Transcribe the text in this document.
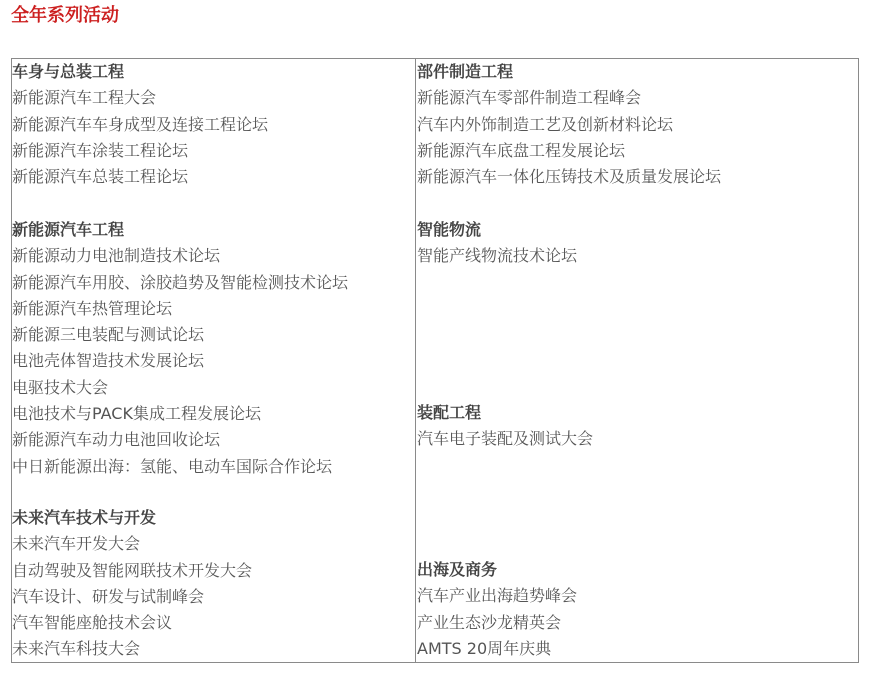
全年系列活动
车身与总装工程
新能源汽车工程大会
新能源汽车车身成型及连接工程论坛
新能源汽车涂装工程论坛
新能源汽车总装工程论坛
新能源汽车工程
新能源动力电池制造技术论坛
新能源汽车用胶、涂胶趋势及智能检测技术论坛
新能源汽车热管理论坛
新能源三电装配与测试论坛
电池壳体智造技术发展论坛
电驱技术大会
电池技术与PACK集成工程发展论坛
新能源汽车动力电池回收论坛
中日新能源出海：氢能、电动车国际合作论坛
未来汽车技术与开发
未来汽车开发大会
自动驾驶及智能网联技术开发大会
汽车设计、研发与试制峰会
汽车智能座舱技术会议
未来汽车科技大会
部件制造工程
新能源汽车零部件制造工程峰会
汽车内外饰制造工艺及创新材料论坛
新能源汽车底盘工程发展论坛
新能源汽车一体化压铸技术及质量发展论坛
智能物流
智能产线物流技术论坛
装配工程
汽车电子装配及测试大会
出海及商务
汽车产业出海趋势峰会
产业生态沙龙精英会
AMTS 20周年庆典
